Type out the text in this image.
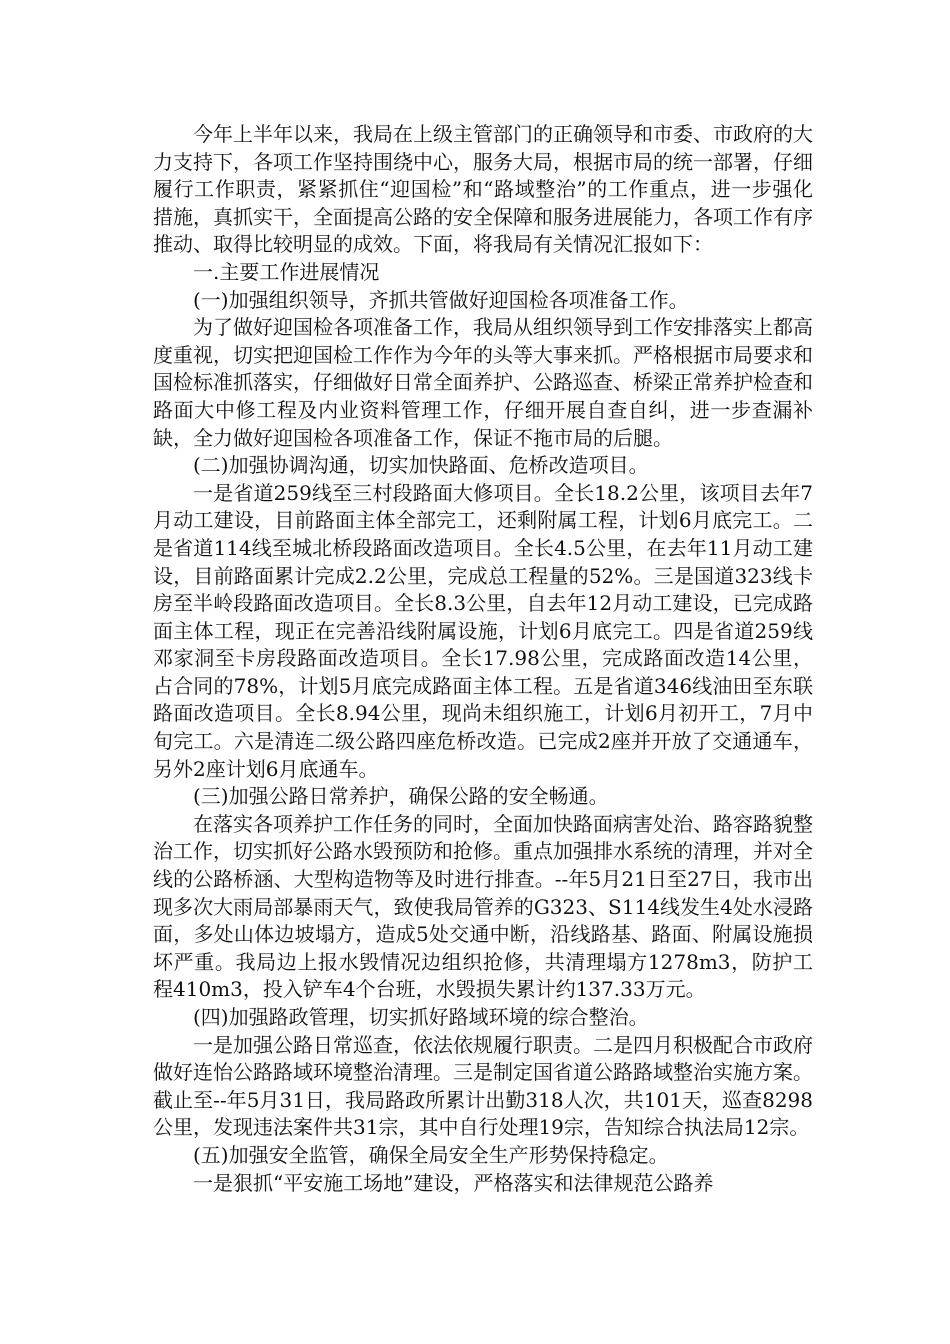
今年上半年以来，我局在上级主管部门的正确领导和市委、市政府的大力支持下，各项工作坚持围绕中心，服务大局，根据市局的统一部署，仔细履行工作职责，紧紧抓住“迎国检”和“路域整治”的工作重点，进一步强化措施，真抓实干，全面提高公路的安全保障和服务进展能力，各项工作有序推动、取得比较明显的成效。下面，将我局有关情况汇报如下：

一.主要工作进展情况

(一)加强组织领导，齐抓共管做好迎国检各项准备工作。

为了做好迎国检各项准备工作，我局从组织领导到工作安排落实上都高度重视，切实把迎国检工作作为今年的头等大事来抓。严格根据市局要求和国检标准抓落实，仔细做好日常全面养护、公路巡查、桥梁正常养护检查和路面大中修工程及内业资料管理工作，仔细开展自查自纠，进一步查漏补缺，全力做好迎国检各项准备工作，保证不拖市局的后腿。

(二)加强协调沟通，切实加快路面、危桥改造项目。

一是省道259线至三村段路面大修项目。全长18.2公里，该项目去年7月动工建设，目前路面主体全部完工，还剩附属工程，计划6月底完工。二是省道114线至城北桥段路面改造项目。全长4.5公里，在去年11月动工建设，目前路面累计完成2.2公里，完成总工程量的52%。三是国道323线卡房至半岭段路面改造项目。全长8.3公里，自去年12月动工建设，已完成路面主体工程，现正在完善沿线附属设施，计划6月底完工。四是省道259线邓家洞至卡房段路面改造项目。全长17.98公里，完成路面改造14公里，占合同的78%，计划5月底完成路面主体工程。五是省道346线油田至东联路面改造项目。全长8.94公里，现尚未组织施工，计划6月初开工，7月中旬完工。六是清连二级公路四座危桥改造。已完成2座并开放了交通通车，另外2座计划6月底通车。

(三)加强公路日常养护，确保公路的安全畅通。

在落实各项养护工作任务的同时，全面加快路面病害处治、路容路貌整治工作，切实抓好公路水毁预防和抢修。重点加强排水系统的清理，并对全线的公路桥涵、大型构造物等及时进行排查。--年5月21日至27日，我市出现多次大雨局部暴雨天气，致使我局管养的G323、S114线发生4处水浸路面，多处山体边坡塌方，造成5处交通中断，沿线路基、路面、附属设施损坏严重。我局边上报水毁情况边组织抢修，共清理塌方1278m3，防护工程410m3，投入铲车4个台班，水毁损失累计约137.33万元。

(四)加强路政管理，切实抓好路域环境的综合整治。

一是加强公路日常巡查，依法依规履行职责。二是四月积极配合市政府做好连怡公路路域环境整治清理。三是制定国省道公路路域整治实施方案。截止至--年5月31日，我局路政所累计出勤318人次，共101天，巡查8298公里，发现违法案件共31宗，其中自行处理19宗，告知综合执法局12宗。

(五)加强安全监管，确保全局安全生产形势保持稳定。

一是狠抓“平安施工场地”建设，严格落实和法律规范公路养
